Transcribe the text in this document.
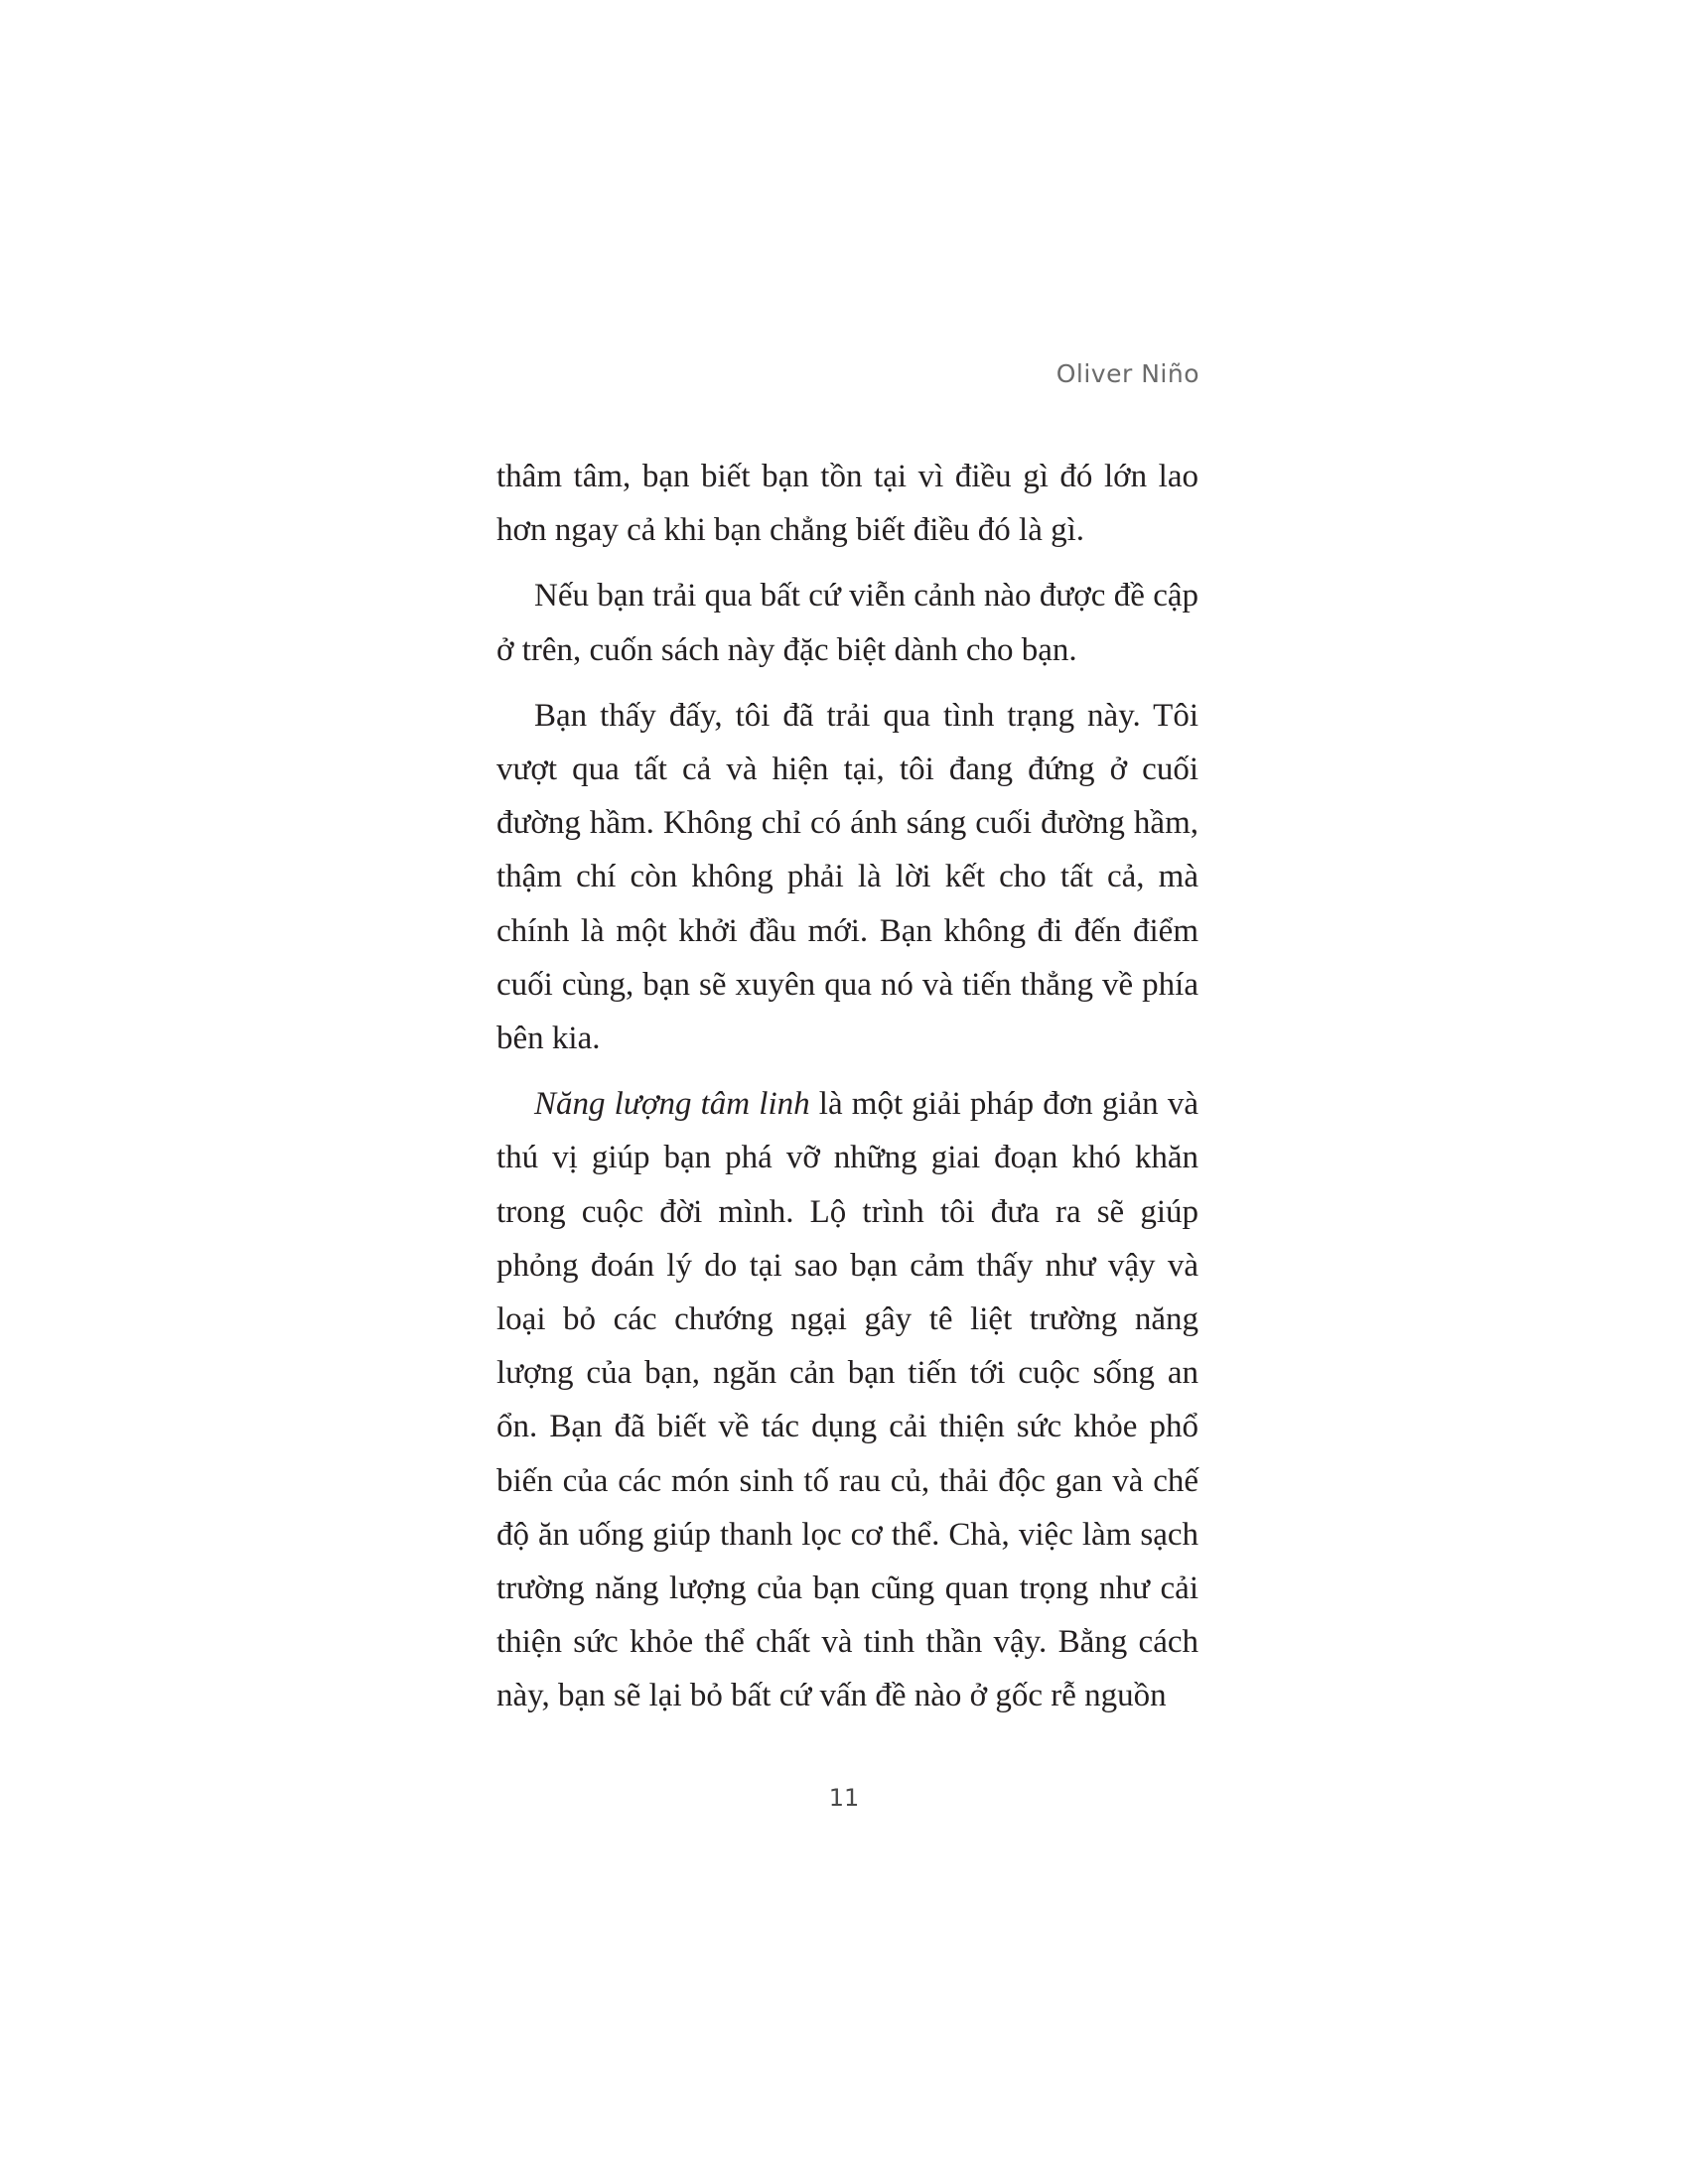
Oliver Niño

thâm tâm, bạn biết bạn tồn tại vì điều gì đó lớn lao hơn ngay cả khi bạn chẳng biết điều đó là gì.

Nếu bạn trải qua bất cứ viễn cảnh nào được đề cập ở trên, cuốn sách này đặc biệt dành cho bạn.

Bạn thấy đấy, tôi đã trải qua tình trạng này. Tôi vượt qua tất cả và hiện tại, tôi đang đứng ở cuối đường hầm. Không chỉ có ánh sáng cuối đường hầm, thậm chí còn không phải là lời kết cho tất cả, mà chính là một khởi đầu mới. Bạn không đi đến điểm cuối cùng, bạn sẽ xuyên qua nó và tiến thẳng về phía bên kia.

Năng lượng tâm linh là một giải pháp đơn giản và thú vị giúp bạn phá vỡ những giai đoạn khó khăn trong cuộc đời mình. Lộ trình tôi đưa ra sẽ giúp phỏng đoán lý do tại sao bạn cảm thấy như vậy và loại bỏ các chướng ngại gây tê liệt trường năng lượng của bạn, ngăn cản bạn tiến tới cuộc sống an ổn. Bạn đã biết về tác dụng cải thiện sức khỏe phổ biến của các món sinh tố rau củ, thải độc gan và chế độ ăn uống giúp thanh lọc cơ thể. Chà, việc làm sạch trường năng lượng của bạn cũng quan trọng như cải thiện sức khỏe thể chất và tinh thần vậy. Bằng cách này, bạn sẽ lại bỏ bất cứ vấn đề nào ở gốc rễ nguồn

11
